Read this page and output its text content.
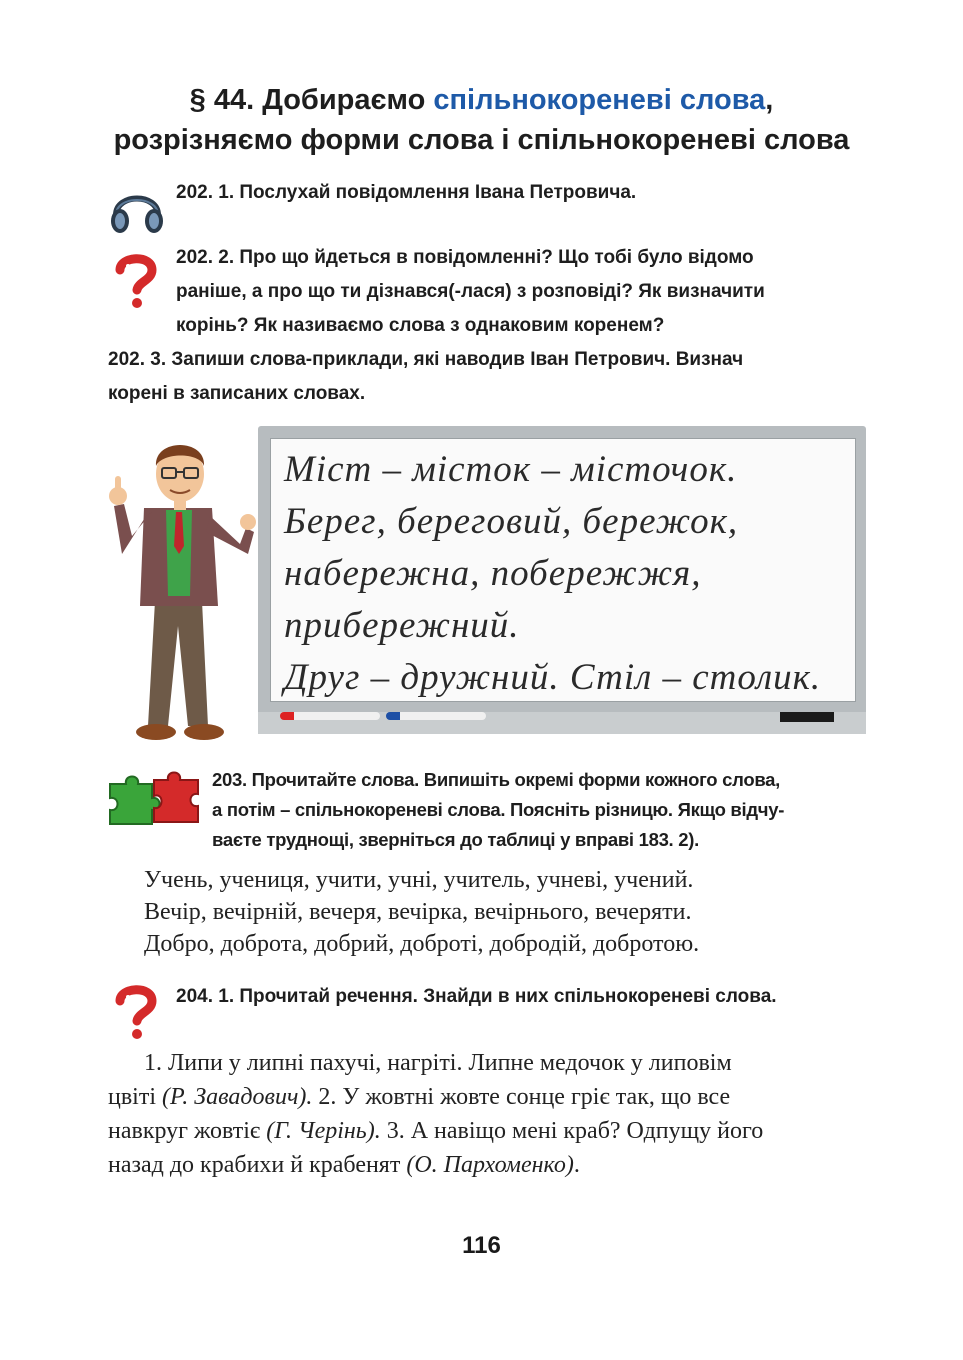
§ 44. Добираємо спільнокореневі слова,
розрізняємо форми слова і спільнокореневі слова
202. 1. Послухай повідомлення Івана Петровича.
202. 2. Про що йдеться в повідомленні? Що тобі було відомо
раніше, а про що ти дізнався(-лася) з розповіді? Як визначити
корінь? Як називаємо слова з однаковим коренем?
202. 3. Запиши слова-приклади, які наводив Іван Петрович. Визнач
корені в записаних словах.
Міст – місток – місточок.
Берег, береговий, бережок,
набережна, побережжя,
прибережний.
Друг – дружний. Стіл – столик.
203. Прочитайте слова. Випишіть окремі форми кожного слова,
а потім – спільнокореневі слова. Поясніть різницю. Якщо відчу-
ваєте труднощі, зверніться до таблиці у вправі 183. 2).
Учень, учениця, учити, учні, учитель, учневі, учений.
Вечір, вечірній, вечеря, вечірка, вечірнього, вечеряти.
Добро, доброта, добрий, доброті, добродій, добротою.
204. 1. Прочитай речення. Знайди в них спільнокореневі слова.
1. Липи у липні пахучі, нагріті. Липне медочок у липовім
цвіті (Р. Завадович). 2. У жовтні жовте сонце гріє так, що все
навкруг жовтіє (Г. Черінь). 3. А навіщо мені краб? Одпущу його
назад до крабихи й крабенят (О. Пархоменко).
116
